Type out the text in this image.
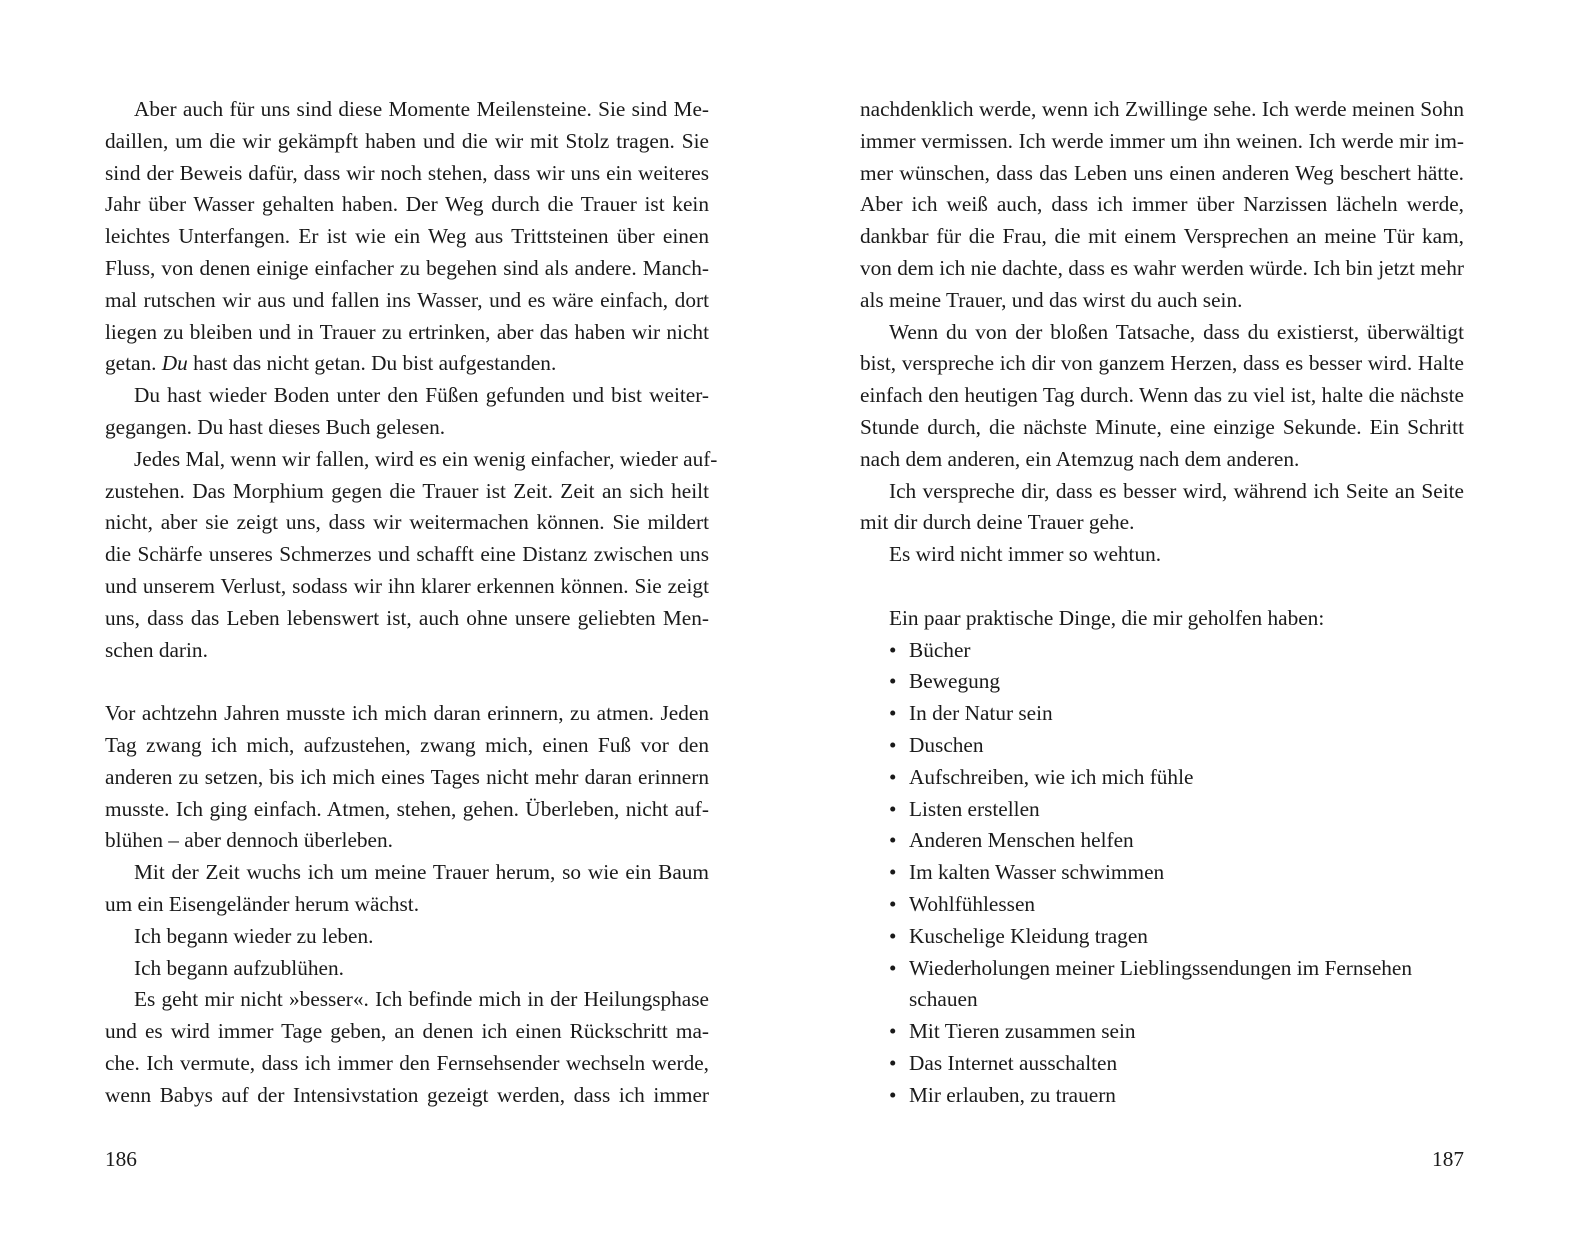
Aber auch für uns sind diese Momente Meilensteine. Sie sind Me-
daillen, um die wir gekämpft haben und die wir mit Stolz tragen. Sie
sind der Beweis dafür, dass wir noch stehen, dass wir uns ein weiteres
Jahr über Wasser gehalten haben. Der Weg durch die Trauer ist kein
leichtes Unterfangen. Er ist wie ein Weg aus Trittsteinen über einen
Fluss, von denen einige einfacher zu begehen sind als andere. Manch-
mal rutschen wir aus und fallen ins Wasser, und es wäre einfach, dort
liegen zu bleiben und in Trauer zu ertrinken, aber das haben wir nicht
getan. Du hast das nicht getan. Du bist aufgestanden.
Du hast wieder Boden unter den Füßen gefunden und bist weiter-
gegangen. Du hast dieses Buch gelesen.
Jedes Mal, wenn wir fallen, wird es ein wenig einfacher, wieder auf-
zustehen. Das Morphium gegen die Trauer ist Zeit. Zeit an sich heilt
nicht, aber sie zeigt uns, dass wir weitermachen können. Sie mildert
die Schärfe unseres Schmerzes und schafft eine Distanz zwischen uns
und unserem Verlust, sodass wir ihn klarer erkennen können. Sie zeigt
uns, dass das Leben lebenswert ist, auch ohne unsere geliebten Men-
schen darin.
Vor achtzehn Jahren musste ich mich daran erinnern, zu atmen. Jeden
Tag zwang ich mich, aufzustehen, zwang mich, einen Fuß vor den
anderen zu setzen, bis ich mich eines Tages nicht mehr daran erinnern
musste. Ich ging einfach. Atmen, stehen, gehen. Überleben, nicht auf-
blühen – aber dennoch überleben.
Mit der Zeit wuchs ich um meine Trauer herum, so wie ein Baum
um ein Eisengeländer herum wächst.
Ich begann wieder zu leben.
Ich begann aufzublühen.
Es geht mir nicht »besser«. Ich befinde mich in der Heilungsphase
und es wird immer Tage geben, an denen ich einen Rückschritt ma-
che. Ich vermute, dass ich immer den Fernsehsender wechseln werde,
wenn Babys auf der Intensivstation gezeigt werden, dass ich immer
nachdenklich werde, wenn ich Zwillinge sehe. Ich werde meinen Sohn
immer vermissen. Ich werde immer um ihn weinen. Ich werde mir im-
mer wünschen, dass das Leben uns einen anderen Weg beschert hätte.
Aber ich weiß auch, dass ich immer über Narzissen lächeln werde,
dankbar für die Frau, die mit einem Versprechen an meine Tür kam,
von dem ich nie dachte, dass es wahr werden würde. Ich bin jetzt mehr
als meine Trauer, und das wirst du auch sein.
Wenn du von der bloßen Tatsache, dass du existierst, überwältigt
bist, verspreche ich dir von ganzem Herzen, dass es besser wird. Halte
einfach den heutigen Tag durch. Wenn das zu viel ist, halte die nächste
Stunde durch, die nächste Minute, eine einzige Sekunde. Ein Schritt
nach dem anderen, ein Atemzug nach dem anderen.
Ich verspreche dir, dass es besser wird, während ich Seite an Seite
mit dir durch deine Trauer gehe.
Es wird nicht immer so wehtun.
Ein paar praktische Dinge, die mir geholfen haben:
• Bücher
• Bewegung
• In der Natur sein
• Duschen
• Aufschreiben, wie ich mich fühle
• Listen erstellen
• Anderen Menschen helfen
• Im kalten Wasser schwimmen
• Wohlfühlessen
• Kuschelige Kleidung tragen
• Wiederholungen meiner Lieblingssendungen im Fernsehen
schauen
• Mit Tieren zusammen sein
• Das Internet ausschalten
• Mir erlauben, zu trauern
186	187
